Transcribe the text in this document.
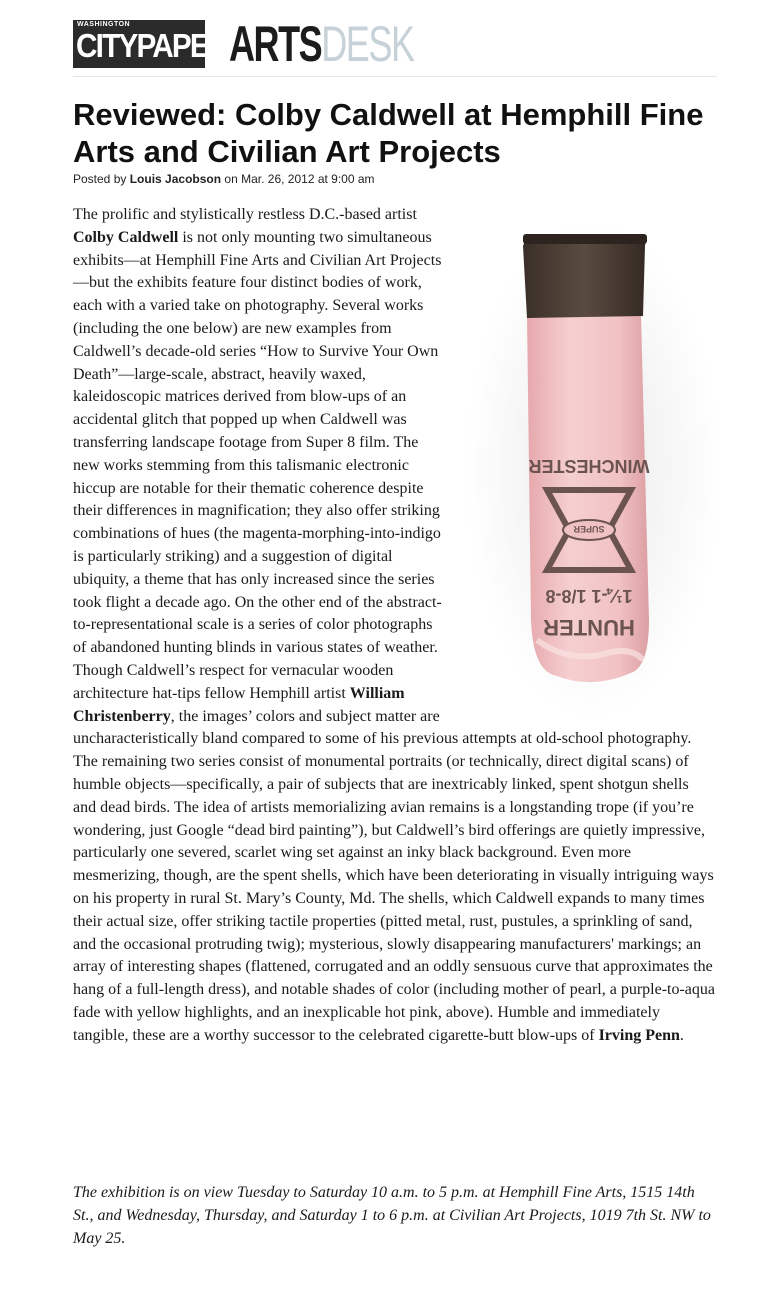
WASHINGTON
CITYPAPER ARTSDESK
Reviewed: Colby Caldwell at Hemphill Fine Arts and Civilian Art Projects
Posted by Louis Jacobson on Mar. 26, 2012 at 9:00 am
HUNTER
1¼-1 1/8-8
SUPER
WINCHESTER

The prolific and stylistically restless D.C.-based artist Colby Caldwell is not only mounting two simultaneous exhibits—at Hemphill Fine Arts and Civilian Art Projects—but the exhibits feature four distinct bodies of work, each with a varied take on photography. Several works (including the one below) are new examples from Caldwell’s decade-old series “How to Survive Your Own Death”—large-scale, abstract, heavily waxed, kaleidoscopic matrices derived from blow-ups of an accidental glitch that popped up when Caldwell was transferring landscape footage from Super 8 film. The new works stemming from this talismanic electronic hiccup are notable for their thematic coherence despite their differences in magnification; they also offer striking combinations of hues (the magenta-morphing-into-indigo is particularly striking) and a suggestion of digital ubiquity, a theme that has only increased since the series took flight a decade ago. On the other end of the abstract-to-representational scale is a series of color photographs of abandoned hunting blinds in various states of weather. Though Caldwell’s respect for vernacular wooden architecture hat-tips fellow Hemphill artist William Christenberry, the images’ colors and subject matter are uncharacteristically bland compared to some of his previous attempts at old-school photography. The remaining two series consist of monumental portraits (or technically, direct digital scans) of humble objects—specifically, a pair of subjects that are inextricably linked, spent shotgun shells and dead birds. The idea of artists memorializing avian remains is a longstanding trope (if you’re wondering, just Google “dead bird painting”), but Caldwell’s bird offerings are quietly impressive, particularly one severed, scarlet wing set against an inky black background. Even more mesmerizing, though, are the spent shells, which have been deteriorating in visually intriguing ways on his property in rural St. Mary’s County, Md. The shells, which Caldwell expands to many times their actual size, offer striking tactile properties (pitted metal, rust, pustules, a sprinkling of sand, and the occasional protruding twig); mysterious, slowly disappearing manufacturers' markings; an array of interesting shapes (flattened, corrugated and an oddly sensuous curve that approximates the hang of a full-length dress), and notable shades of color (including mother of pearl, a purple-to-aqua fade with yellow highlights, and an inexplicable hot pink, above). Humble and immediately tangible, these are a worthy successor to the celebrated cigarette-butt blow-ups of Irving Penn.

The exhibition is on view Tuesday to Saturday 10 a.m. to 5 p.m. at Hemphill Fine Arts, 1515 14th St., and Wednesday, Thursday, and Saturday 1 to 6 p.m. at Civilian Art Projects, 1019 7th St. NW to May 25.
